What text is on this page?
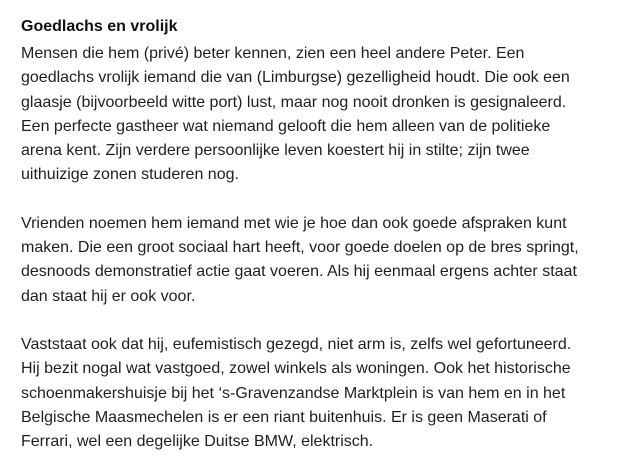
Goedlachs en vrolijk

Mensen die hem (privé) beter kennen, zien een heel andere Peter. Een
goedlachs vrolijk iemand die van (Limburgse) gezelligheid houdt. Die ook een
glaasje (bijvoorbeeld witte port) lust, maar nog nooit dronken is gesignaleerd.
Een perfecte gastheer wat niemand gelooft die hem alleen van de politieke
arena kent. Zijn verdere persoonlijke leven koestert hij in stilte; zijn twee
uithuizige zonen studeren nog.

Vrienden noemen hem iemand met wie je hoe dan ook goede afspraken kunt
maken. Die een groot sociaal hart heeft, voor goede doelen op de bres springt,
desnoods demonstratief actie gaat voeren. Als hij eenmaal ergens achter staat
dan staat hij er ook voor.

Vaststaat ook dat hij, eufemistisch gezegd, niet arm is, zelfs wel gefortuneerd.
Hij bezit nogal wat vastgoed, zowel winkels als woningen. Ook het historische
schoenmakershuisje bij het ‘s-Gravenzandse Marktplein is van hem en in het
Belgische Maasmechelen is er een riant buitenhuis. Er is geen Maserati of
Ferrari, wel een degelijke Duitse BMW, elektrisch.
